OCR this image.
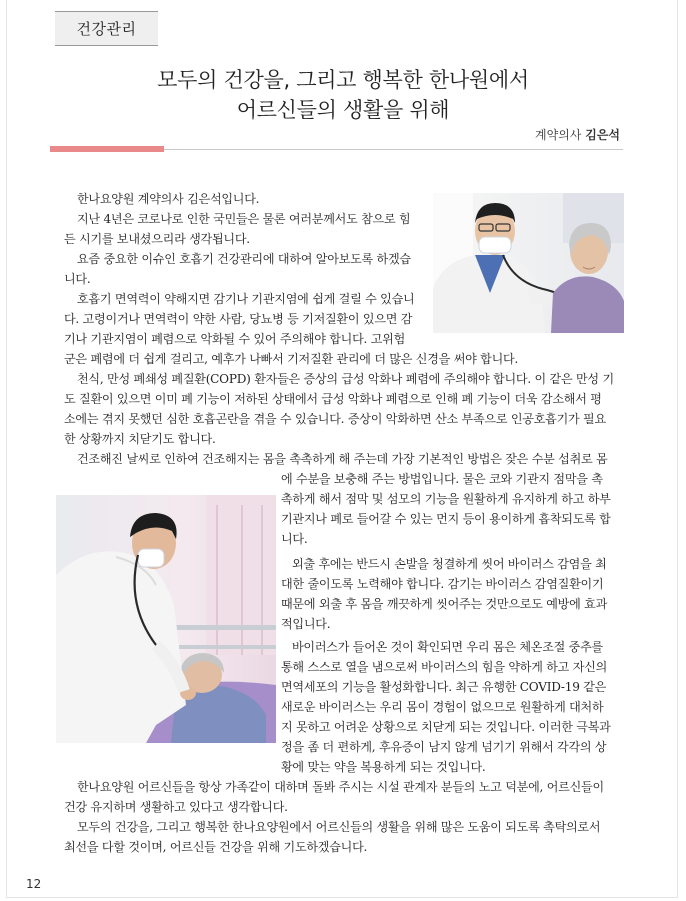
건강관리
모두의 건강을, 그리고 행복한 한나원에서
어르신들의 생활을 위해
계약의사 김은석
한나요양원 계약의사 김은석입니다.
지난 4년은 코로나로 인한 국민들은 물론 여러분께서도 참으로 힘
든 시기를 보내셨으리라 생각됩니다.
요즘 중요한 이슈인 호흡기 건강관리에 대하여 알아보도록 하겠습
니다.
호흡기 면역력이 약해지면 감기나 기관지염에 쉽게 걸릴 수 있습니
다. 고령이거나 면역력이 약한 사람, 당뇨병 등 기저질환이 있으면 감
기나 기관지염이 폐렴으로 악화될 수 있어 주의해야 합니다. 고위험
군은 폐렴에 더 쉽게 걸리고, 예후가 나빠서 기저질환 관리에 더 많은 신경을 써야 합니다.
천식, 만성 폐쇄성 폐질환(COPD) 환자들은 증상의 급성 악화나 폐렴에 주의해야 합니다. 이 같은 만성 기
도 질환이 있으면 이미 폐 기능이 저하된 상태에서 급성 악화나 폐렴으로 인해 폐 기능이 더욱 감소해서 평
소에는 겪지 못했던 심한 호흡곤란을 겪을 수 있습니다. 증상이 악화하면 산소 부족으로 인공호흡기가 필요
한 상황까지 치닫기도 합니다.
건조해진 날씨로 인하여 건조해지는 몸을 촉촉하게 해 주는데 가장 기본적인 방법은 잦은 수분 섭취로 몸
에 수분을 보충해 주는 방법입니다. 물은 코와 기관지 점막을 촉
촉하게 해서 점막 및 섬모의 기능을 원활하게 유지하게 하고 하부
기관지나 폐로 들어갈 수 있는 먼지 등이 용이하게 흡착되도록 합
니다.
외출 후에는 반드시 손발을 청결하게 씻어 바이러스 감염을 최
대한 줄이도록 노력해야 합니다. 감기는 바이러스 감염질환이기
때문에 외출 후 몸을 깨끗하게 씻어주는 것만으로도 예방에 효과
적입니다.
바이러스가 들어온 것이 확인되면 우리 몸은 체온조절 중추를
통해 스스로 열을 냄으로써 바이러스의 힘을 약하게 하고 자신의
면역세포의 기능을 활성화합니다. 최근 유행한 COVID-19 같은
새로운 바이러스는 우리 몸이 경험이 없으므로 원활하게 대처하
지 못하고 어려운 상황으로 치닫게 되는 것입니다. 이러한 극복과
정을 좀 더 편하게, 후유증이 남지 않게 넘기기 위해서 각각의 상
황에 맞는 약을 복용하게 되는 것입니다.
한나요양원 어르신들을 항상 가족같이 대하며 돌봐 주시는 시설 관계자 분들의 노고 덕분에, 어르신들이
건강 유지하며 생활하고 있다고 생각합니다.
모두의 건강을, 그리고 행복한 한나요양원에서 어르신들의 생활을 위해 많은 도움이 되도록 촉탁의로서
최선을 다할 것이며, 어르신들 건강을 위해 기도하겠습니다.
12
